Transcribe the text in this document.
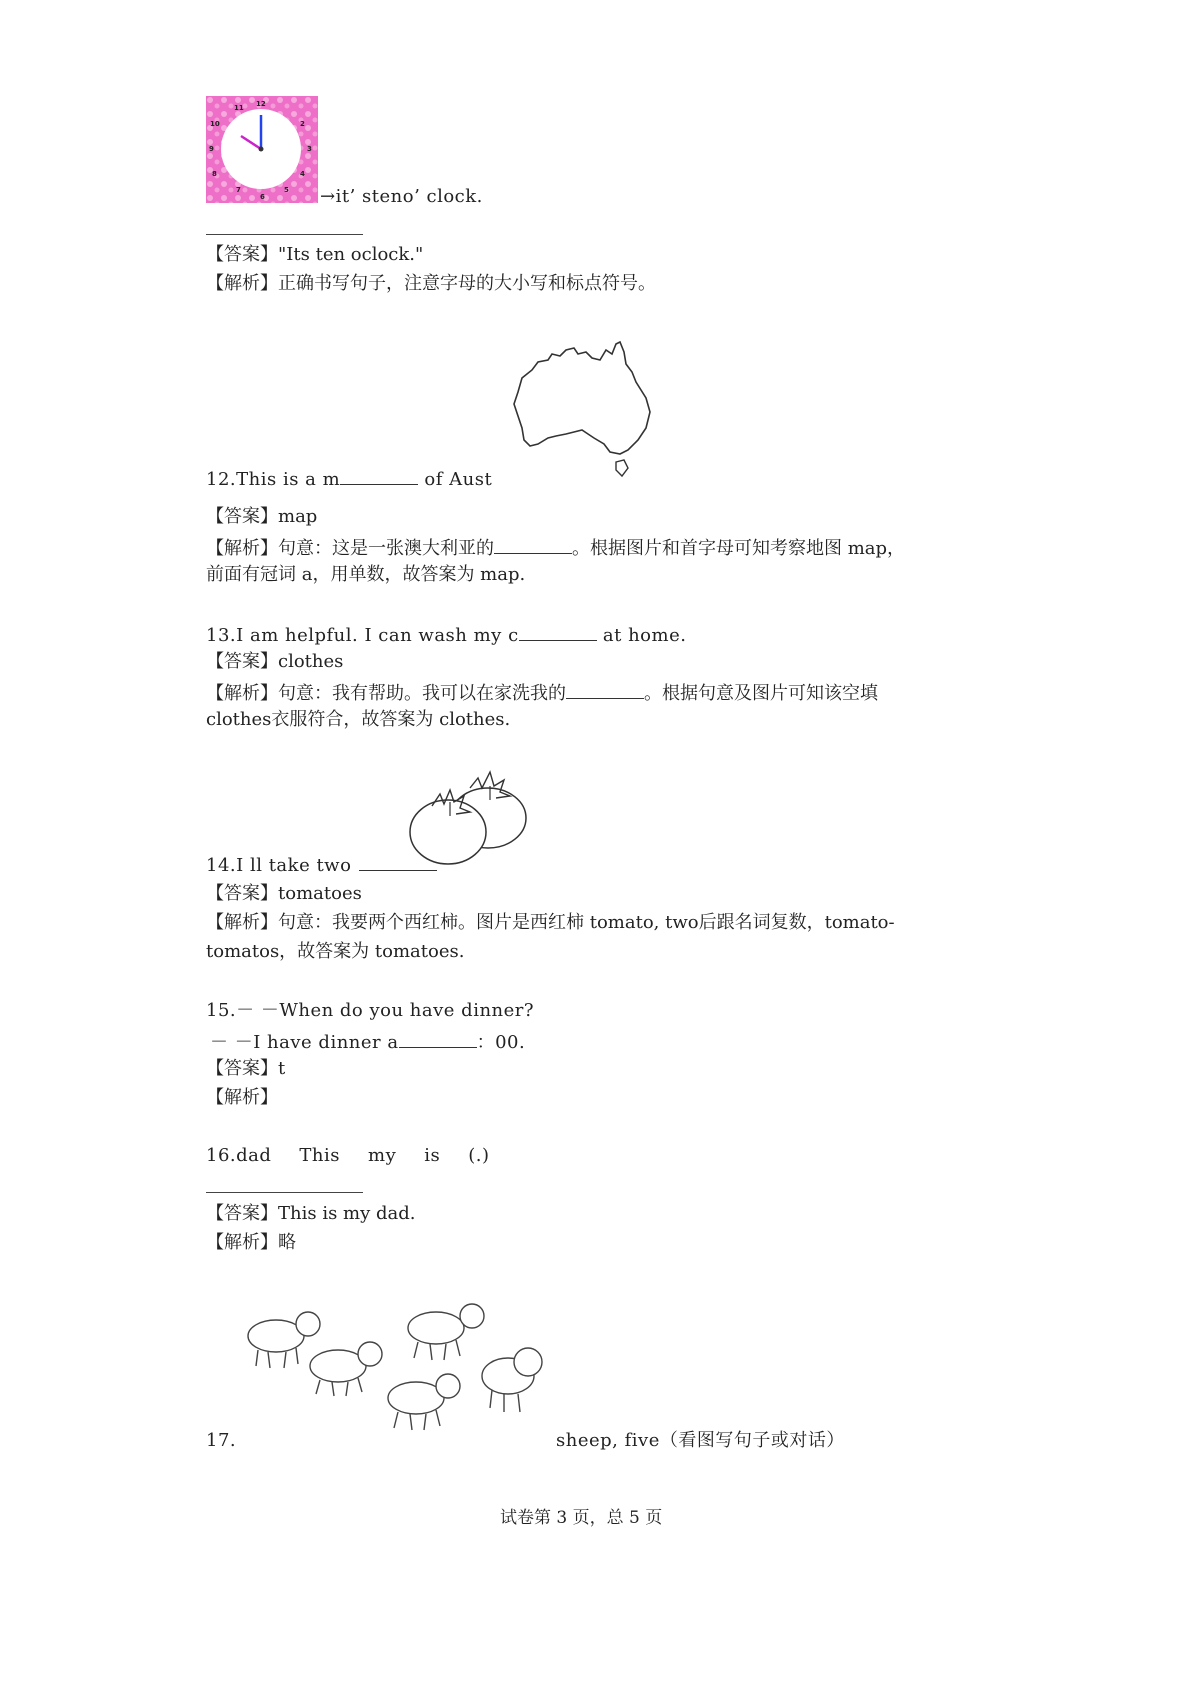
11 12
2
3
4
5
6
7
8
9
10
→it’ steno’ clock.
【答案】"Its ten oclock."
【解析】正确书写句子，注意字母的大小写和标点符号。
12.This is a m	of Aust
【答案】map
【解析】句意：这是一张澳大利亚的	。根据图片和首字母可知考察地图 map，
前面有冠词 a，用单数，故答案为 map.
13.I am helpful. I can wash my c	at home.
【答案】clothes
【解析】句意：我有帮助。我可以在家洗我的	。根据句意及图片可知该空填
clothes衣服符合，故答案为 clothes.
14.I ll take two
【答案】tomatoes
【解析】句意：我要两个西红柿。图片是西红柿 tomato, two后跟名词复数，tomato-
tomatos，故答案为 tomatoes.
15.－ －When do you have dinner?
－ －I have dinner a	：00.
【答案】t
【解析】
16.dad This my is (.)
【答案】This is my dad.
【解析】略
17.	sheep, five（看图写句子或对话）
试卷第 3 页，总 5 页
